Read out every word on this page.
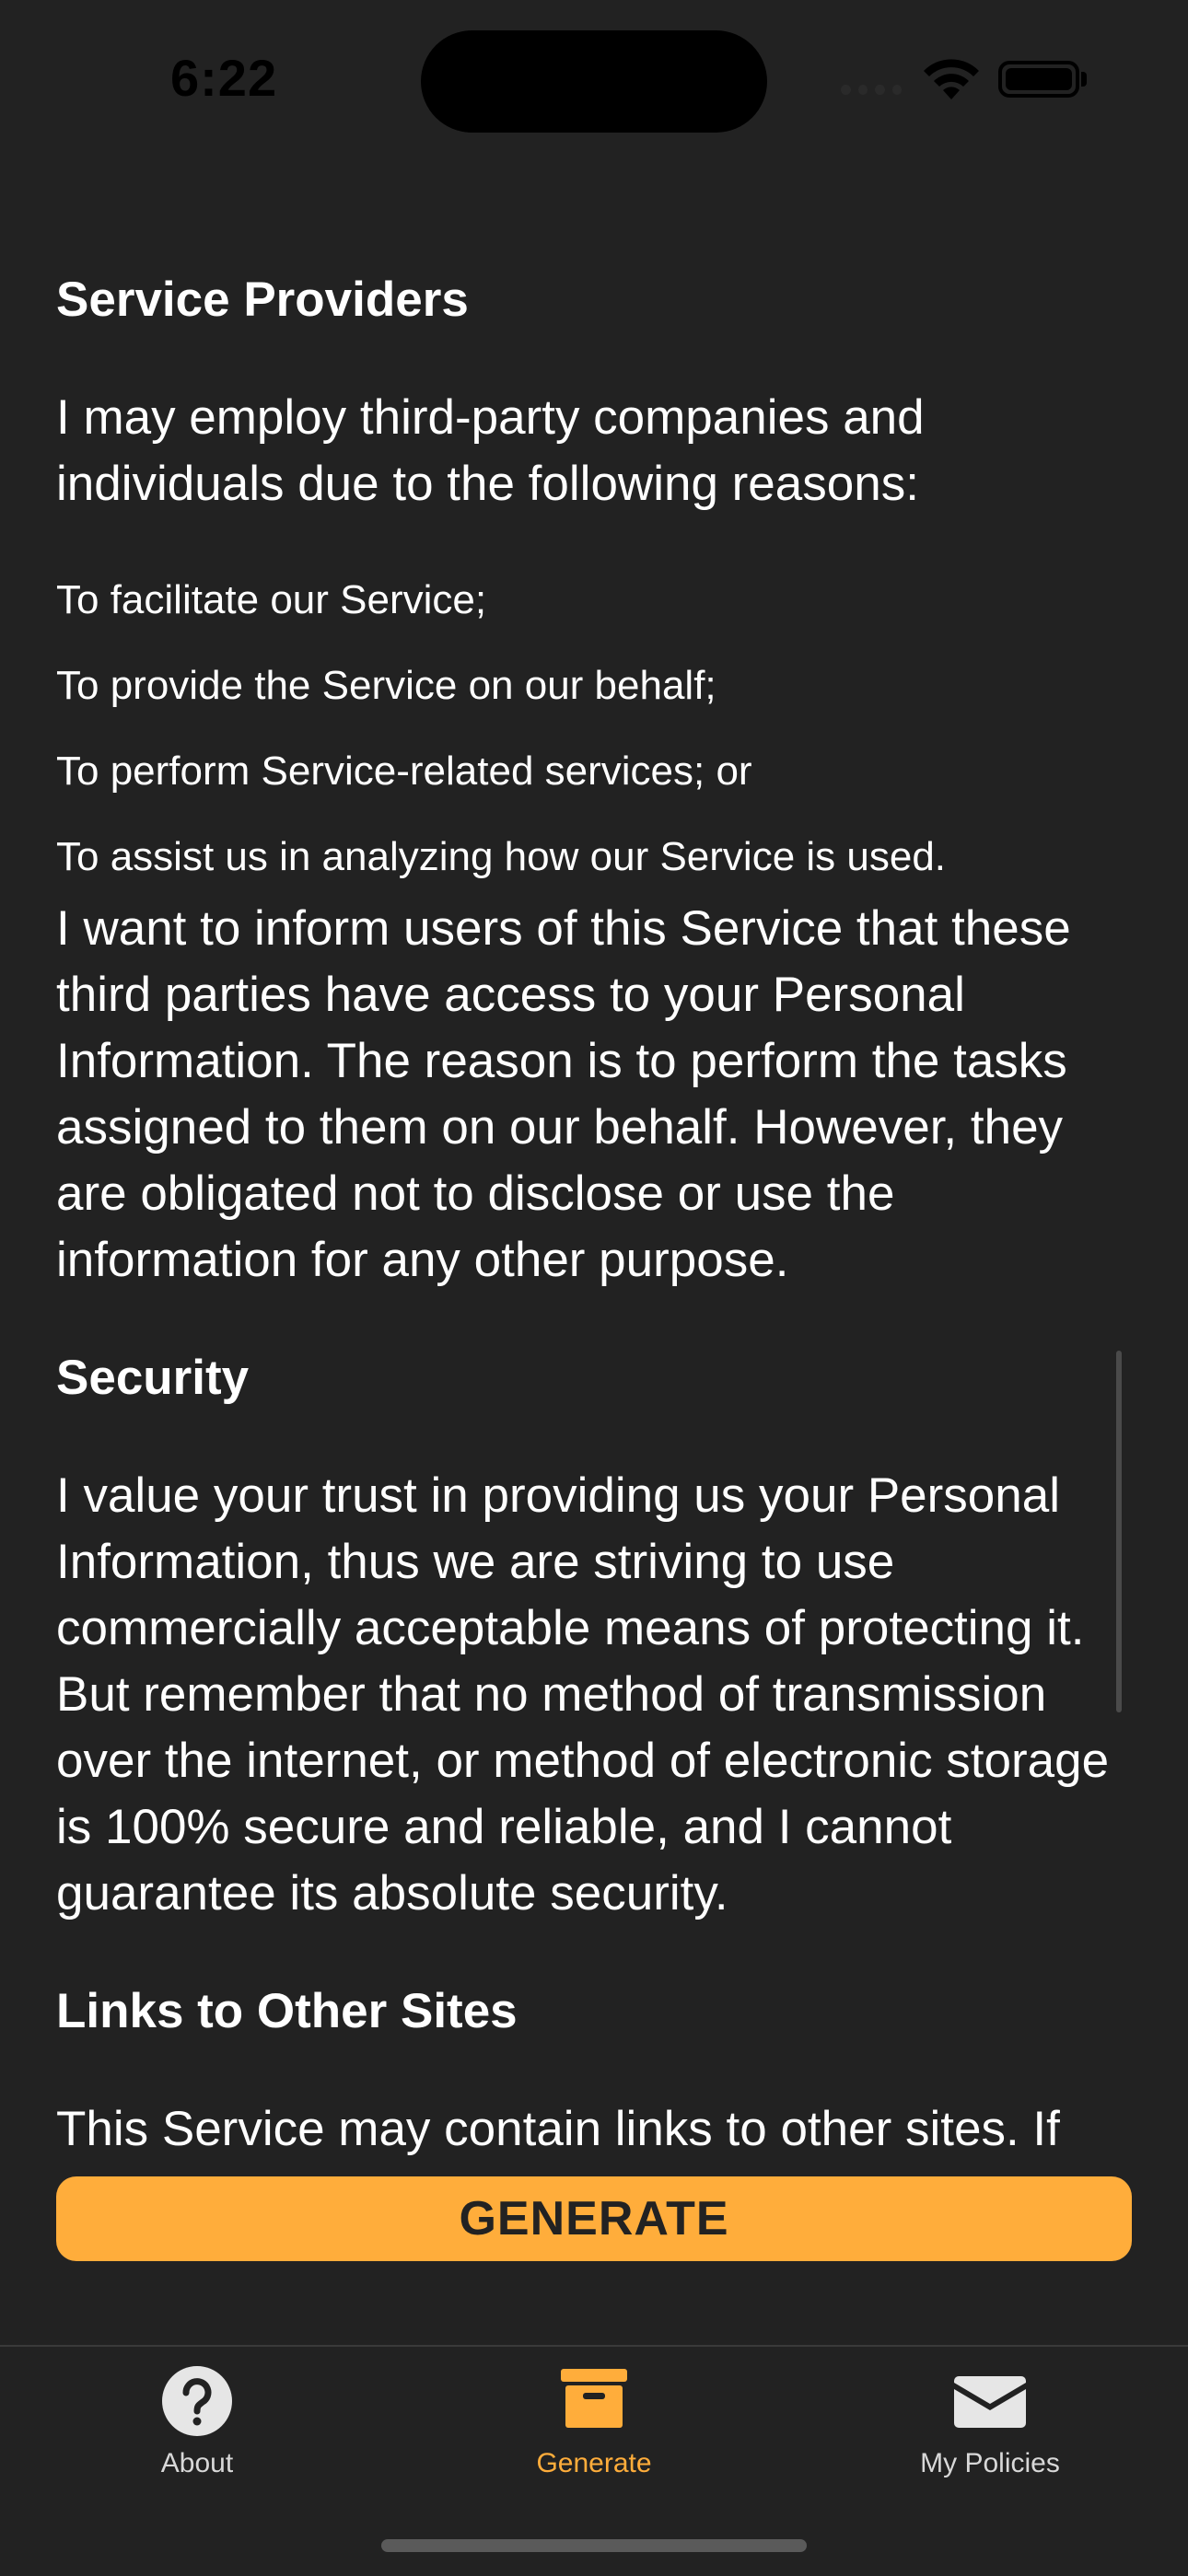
6:22
Service Providers

I may employ third-party companies and individuals due to the following reasons:

To facilitate our Service;

To provide the Service on our behalf;

To perform Service-related services; or

To assist us in analyzing how our Service is used.

I want to inform users of this Service that these third parties have access to your Personal Information. The reason is to perform the tasks assigned to them on our behalf. However, they are obligated not to disclose or use the information for any other purpose.

Security

I value your trust in providing us your Personal Information, thus we are striving to use commercially acceptable means of protecting it. But remember that no method of transmission over the internet, or method of electronic storage is 100% secure and reliable, and I cannot guarantee its absolute security.

Links to Other Sites

This Service may contain links to other sites. If

GENERATE
About	Generate	My Policies
